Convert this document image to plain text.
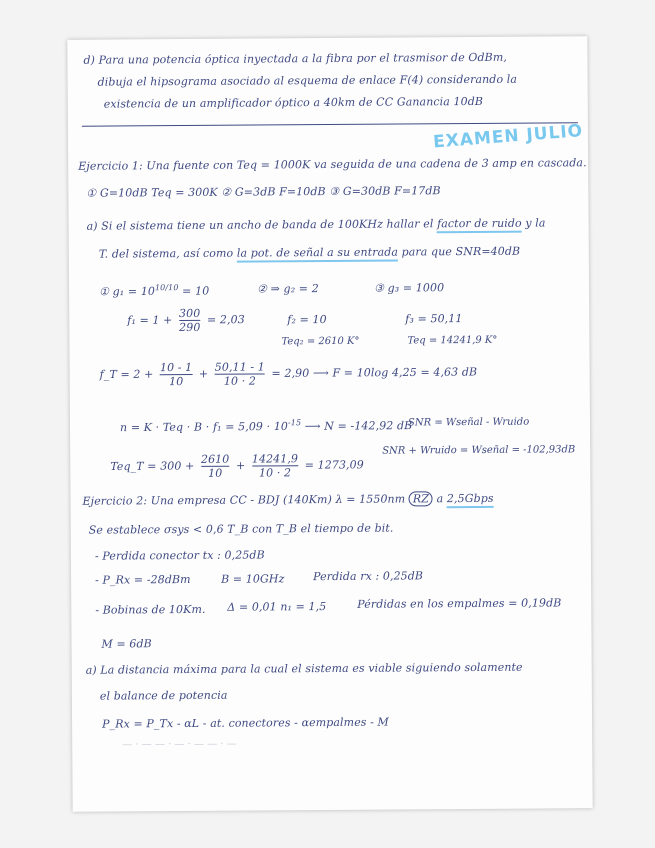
d) Para una potencia óptica inyectada a la fibra por el trasmisor de OdBm,
dibuja el hipsograma asociado al esquema de enlace F(4) considerando la
existencia de un amplificador óptico a 40km de CC Ganancia 10dB
EXAMEN JULIO
Ejercicio 1: Una fuente con Teq = 1000K va seguida de una cadena de 3 amp en cascada.
① G=10dB Teq = 300K ② G=3dB F=10dB ③ G=30dB F=17dB
a) Si el sistema tiene un ancho de banda de 100KHz hallar el factor de ruido y la
T. del sistema, así como la pot. de señal a su entrada para que SNR=40dB
① $g_1 = 10^{10/10} = 10$	② ⇒ g₂ = 2	③ g₃ = 1000
$f_1 = 1 + \frac{300}{290} = 2,03$	f₂ = 10	f₃ = 50,11
Teq₂ = 2610 K°	Teq = 14241,9 K°
f_T = $2 + \frac{10 - 1}{10} + \frac{50,11 - 1}{10 \cdot 2} = 2,90$ ⟶ F = 10log 4,25 = 4,63 dB
n = K · Teq · $B \cdot f_1 = 5,09 \cdot 10^{-15}$ ⟶ N = -142,92 dB
SNR = Wseñal - Wruido
Teq_T = $300 + \frac{2610}{10} + \frac{14241,9}{10 \cdot 2} = 1273,09$
SNR + Wruido = Wseñal = -102,93dB
Ejercicio 2: Una empresa CC - BDJ (140Km) λ = 1550nm RZ a 2,5Gbps
Se establece σsys < 0,6 T_B con T_B el tiempo de bit.
- Perdida conector tx : 0,25dB
- P_Rx = -28dBm	B = 10GHz	Perdida rx : 0,25dB
- Bobinas de 10Km. Δ = 0,01 n₁ = 1,5	Pérdidas en los empalmes = 0,19dB
M = 6dB
a) La distancia máxima para la cual el sistema es viable siguiendo solamente
el balance de potencia
P_Rx = P_Tx - αL - at. conectores - αempalmes - M
— · — — · — · — — · —
